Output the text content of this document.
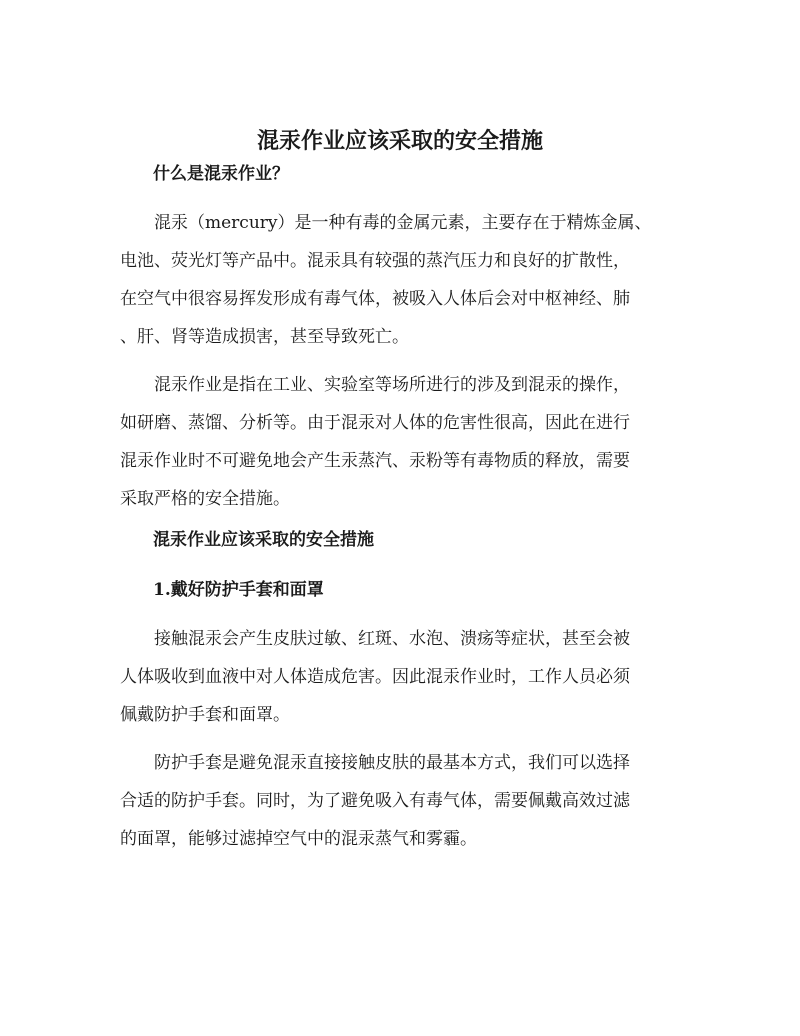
混汞作业应该采取的安全措施
什么是混汞作业？
混汞（mercury）是一种有毒的金属元素，主要存在于精炼金属、
电池、荧光灯等产品中。混汞具有较强的蒸汽压力和良好的扩散性，
在空气中很容易挥发形成有毒气体，被吸入人体后会对中枢神经、肺
、肝、肾等造成损害，甚至导致死亡。
混汞作业是指在工业、实验室等场所进行的涉及到混汞的操作，
如研磨、蒸馏、分析等。由于混汞对人体的危害性很高，因此在进行
混汞作业时不可避免地会产生汞蒸汽、汞粉等有毒物质的释放，需要
采取严格的安全措施。
混汞作业应该采取的安全措施
1.戴好防护手套和面罩
接触混汞会产生皮肤过敏、红斑、水泡、溃疡等症状，甚至会被
人体吸收到血液中对人体造成危害。因此混汞作业时，工作人员必须
佩戴防护手套和面罩。
防护手套是避免混汞直接接触皮肤的最基本方式，我们可以选择
合适的防护手套。同时，为了避免吸入有毒气体，需要佩戴高效过滤
的面罩，能够过滤掉空气中的混汞蒸气和雾霾。
